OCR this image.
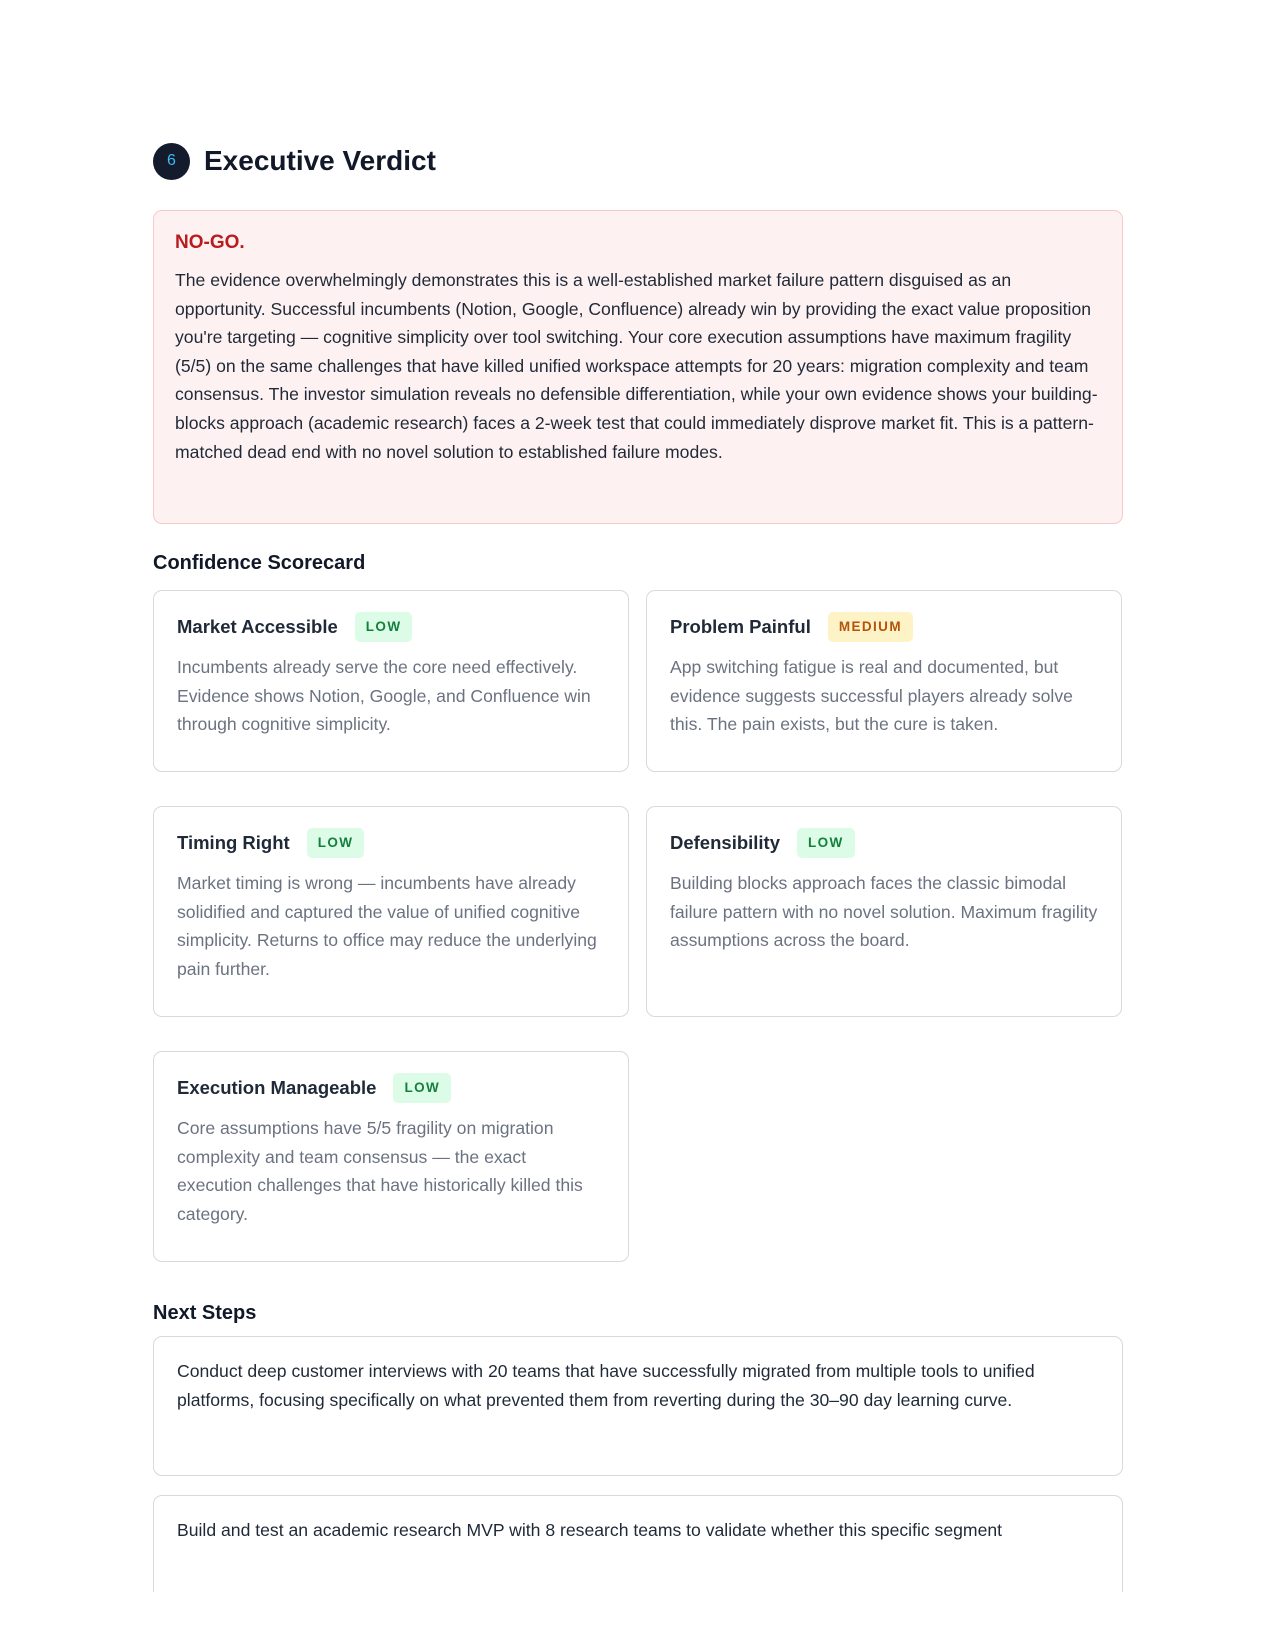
6	Executive Verdict
NO-GO.
The evidence overwhelmingly demonstrates this is a well-established market failure pattern disguised as an opportunity. Successful incumbents (Notion, Google, Confluence) already win by providing the exact value proposition you're targeting — cognitive simplicity over tool switching. Your core execution assumptions have maximum fragility (5/5) on the same challenges that have killed unified workspace attempts for 20 years: migration complexity and team consensus. The investor simulation reveals no defensible differentiation, while your own evidence shows your building-blocks approach (academic research) faces a 2-week test that could immediately disprove market fit. This is a pattern-matched dead end with no novel solution to established failure modes.
Confidence Scorecard
Market Accessible	LOW
Incumbents already serve the core need effectively. Evidence shows Notion, Google, and Confluence win through cognitive simplicity.
Problem Painful	MEDIUM
App switching fatigue is real and documented, but evidence suggests successful players already solve this. The pain exists, but the cure is taken.
Timing Right	LOW
Market timing is wrong — incumbents have already solidified and captured the value of unified cognitive simplicity. Returns to office may reduce the underlying pain further.
Defensibility	LOW
Building blocks approach faces the classic bimodal failure pattern with no novel solution. Maximum fragility assumptions across the board.
Execution Manageable	LOW
Core assumptions have 5/5 fragility on migration complexity and team consensus — the exact execution challenges that have historically killed this category.
Next Steps
Conduct deep customer interviews with 20 teams that have successfully migrated from multiple tools to unified platforms, focusing specifically on what prevented them from reverting during the 30–90 day learning curve.
Build and test an academic research MVP with 8 research teams to validate whether this specific segment
